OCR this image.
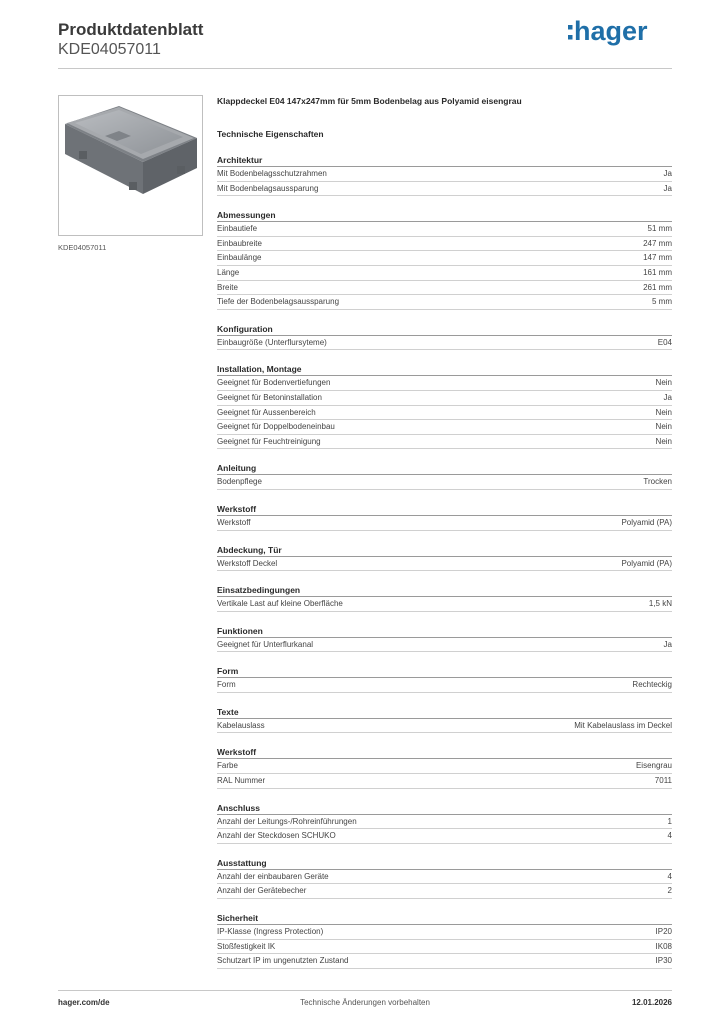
Produktdatenblatt
KDE04057011
hager
KDE04057011
Klappdeckel E04 147x247mm für 5mm Bodenbelag aus Polyamid eisengrau
Technische Eigenschaften
Architektur
Mit Bodenbelagsschutzrahmen	Ja
Mit Bodenbelagsaussparung	Ja
Abmessungen
Einbautiefe	51 mm
Einbaubreite	247 mm
Einbaulänge	147 mm
Länge	161 mm
Breite	261 mm
Tiefe der Bodenbelagsaussparung	5 mm
Konfiguration
Einbaugröße (Unterflursyteme)	E04
Installation, Montage
Geeignet für Bodenvertiefungen	Nein
Geeignet für Betoninstallation	Ja
Geeignet für Aussenbereich	Nein
Geeignet für Doppelbodeneinbau	Nein
Geeignet für Feuchtreinigung	Nein
Anleitung
Bodenpflege	Trocken
Werkstoff
Werkstoff	Polyamid (PA)
Abdeckung, Tür
Werkstoff Deckel	Polyamid (PA)
Einsatzbedingungen
Vertikale Last auf kleine Oberfläche	1,5 kN
Funktionen
Geeignet für Unterflurkanal	Ja
Form
Form	Rechteckig
Texte
Kabelauslass	Mit Kabelauslass im Deckel
Werkstoff
Farbe	Eisengrau
RAL Nummer	7011
Anschluss
Anzahl der Leitungs-/Rohreinführungen	1
Anzahl der Steckdosen SCHUKO	4
Ausstattung
Anzahl der einbaubaren Geräte	4
Anzahl der Gerätebecher	2
Sicherheit
IP-Klasse (Ingress Protection)	IP20
Stoßfestigkeit IK	IK08
Schutzart IP im ungenutzten Zustand	IP30
hager.com/de	Technische Änderungen vorbehalten	12.01.2026
